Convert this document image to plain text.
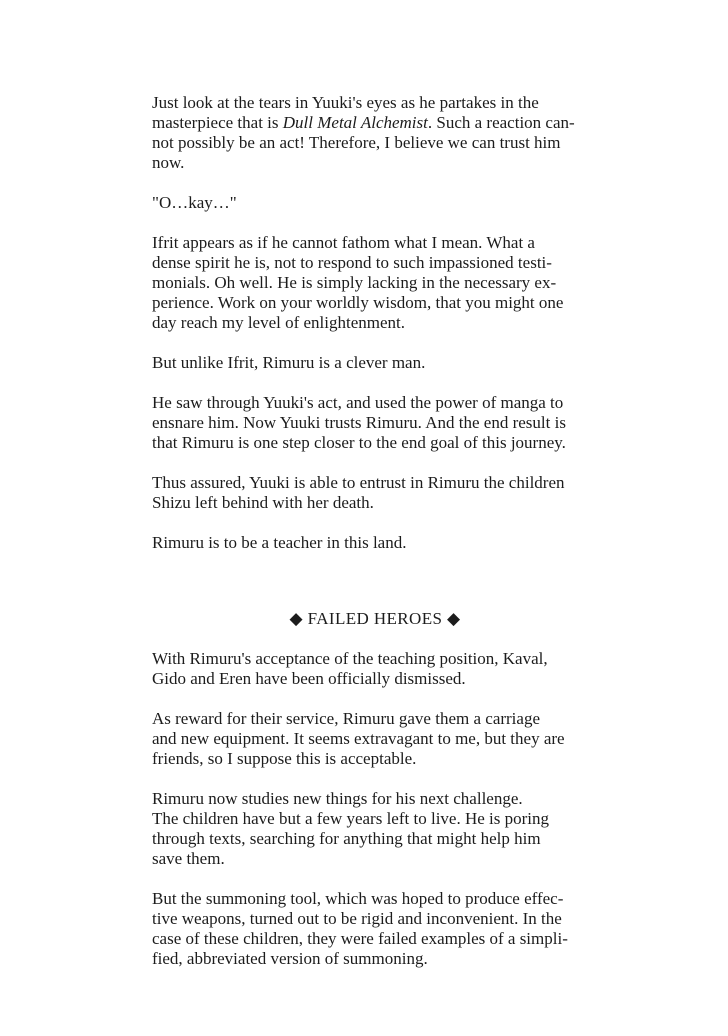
Just look at the tears in Yuuki's eyes as he partakes in the
masterpiece that is Dull Metal Alchemist. Such a reaction can-
not possibly be an act! Therefore, I believe we can trust him
now.
"O…kay…"
Ifrit appears as if he cannot fathom what I mean. What a
dense spirit he is, not to respond to such impassioned testi-
monials. Oh well. He is simply lacking in the necessary ex-
perience. Work on your worldly wisdom, that you might one
day reach my level of enlightenment.
But unlike Ifrit, Rimuru is a clever man.
He saw through Yuuki's act, and used the power of manga to
ensnare him. Now Yuuki trusts Rimuru. And the end result is
that Rimuru is one step closer to the end goal of this journey.
Thus assured, Yuuki is able to entrust in Rimuru the children
Shizu left behind with her death.
Rimuru is to be a teacher in this land.
◆ FAILED HEROES ◆
With Rimuru's acceptance of the teaching position, Kaval,
Gido and Eren have been officially dismissed.
As reward for their service, Rimuru gave them a carriage
and new equipment. It seems extravagant to me, but they are
friends, so I suppose this is acceptable.
Rimuru now studies new things for his next challenge.
The children have but a few years left to live. He is poring
through texts, searching for anything that might help him
save them.
But the summoning tool, which was hoped to produce effec-
tive weapons, turned out to be rigid and inconvenient. In the
case of these children, they were failed examples of a simpli-
fied, abbreviated version of summoning.
